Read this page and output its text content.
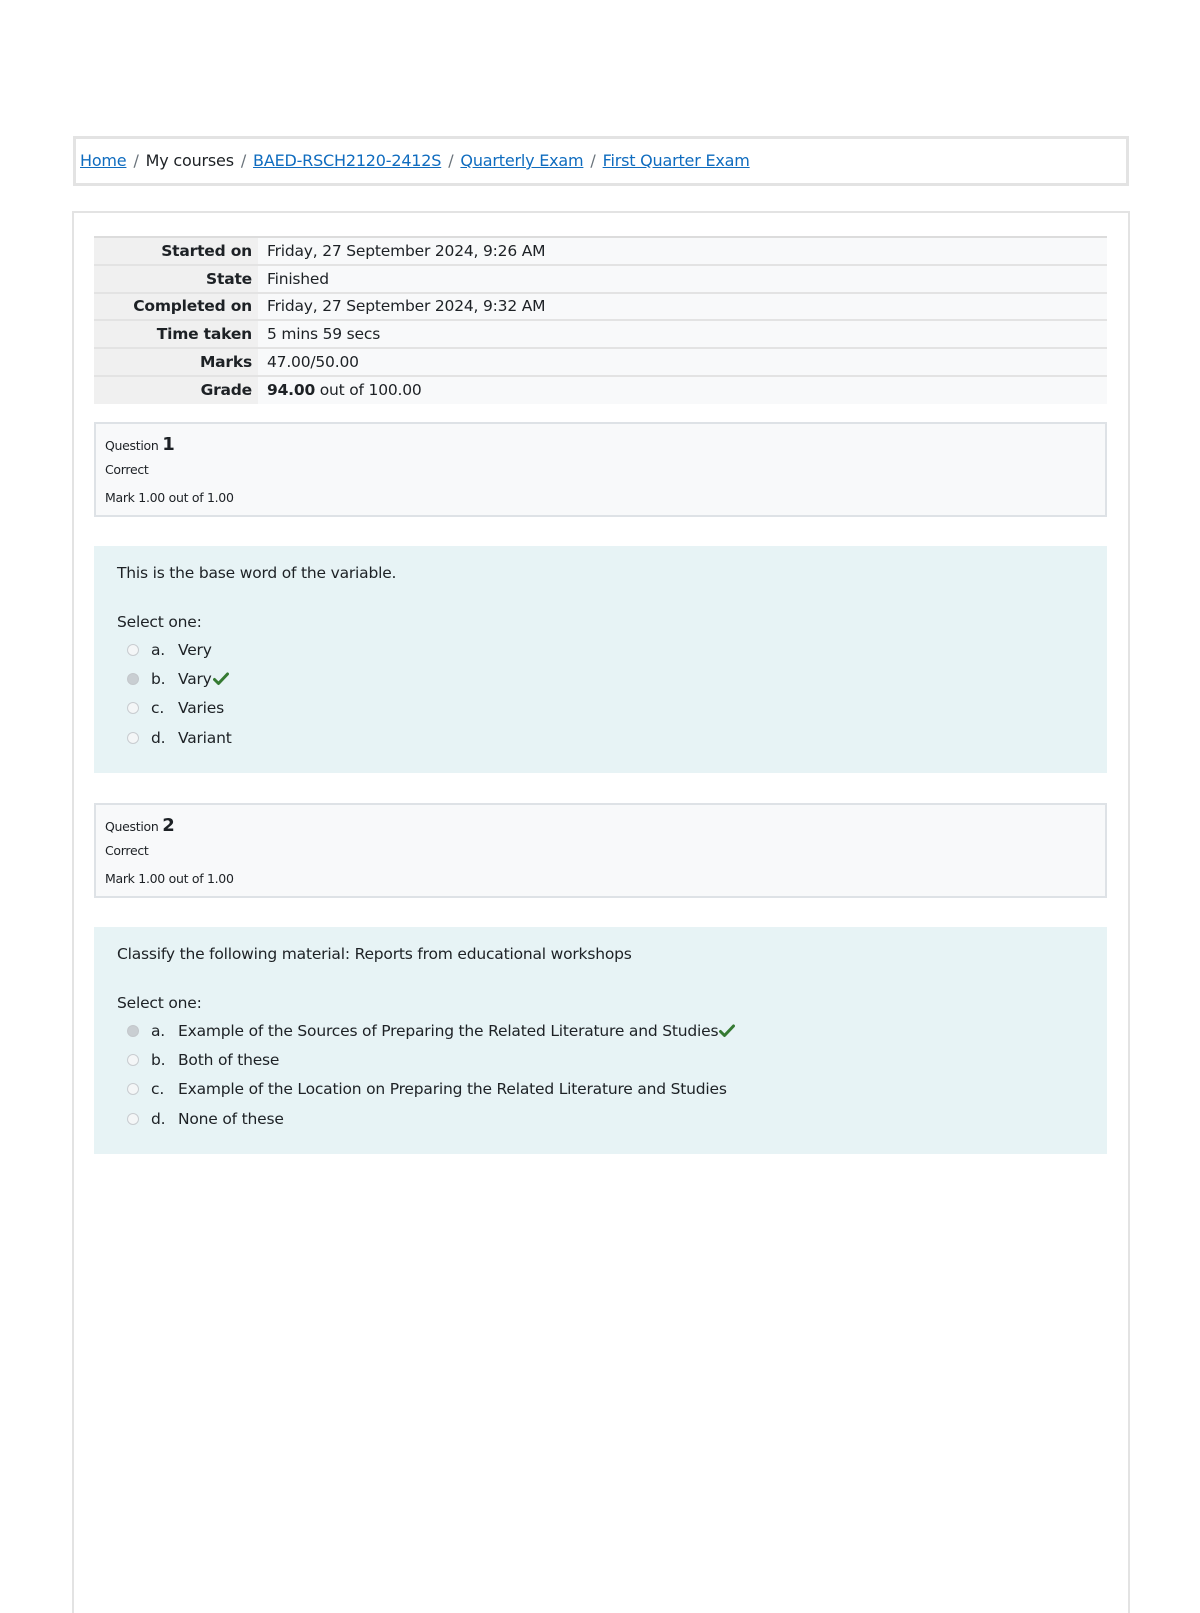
Home / My courses / BAED-RSCH2120-2412S / Quarterly Exam / First Quarter Exam
Started on	Friday, 27 September 2024, 9:26 AM
State	Finished
Completed on	Friday, 27 September 2024, 9:32 AM
Time taken	5 mins 59 secs
Marks	47.00/50.00
Grade	94.00 out of 100.00
Question 1
Correct
Mark 1.00 out of 1.00
This is the base word of the variable.
Select one:
a. Very
b. Vary
c. Varies
d. Variant
Question 2
Correct
Mark 1.00 out of 1.00
Classify the following material: Reports from educational workshops
Select one:
a. Example of the Sources of Preparing the Related Literature and Studies
b. Both of these
c. Example of the Location on Preparing the Related Literature and Studies
d. None of these
